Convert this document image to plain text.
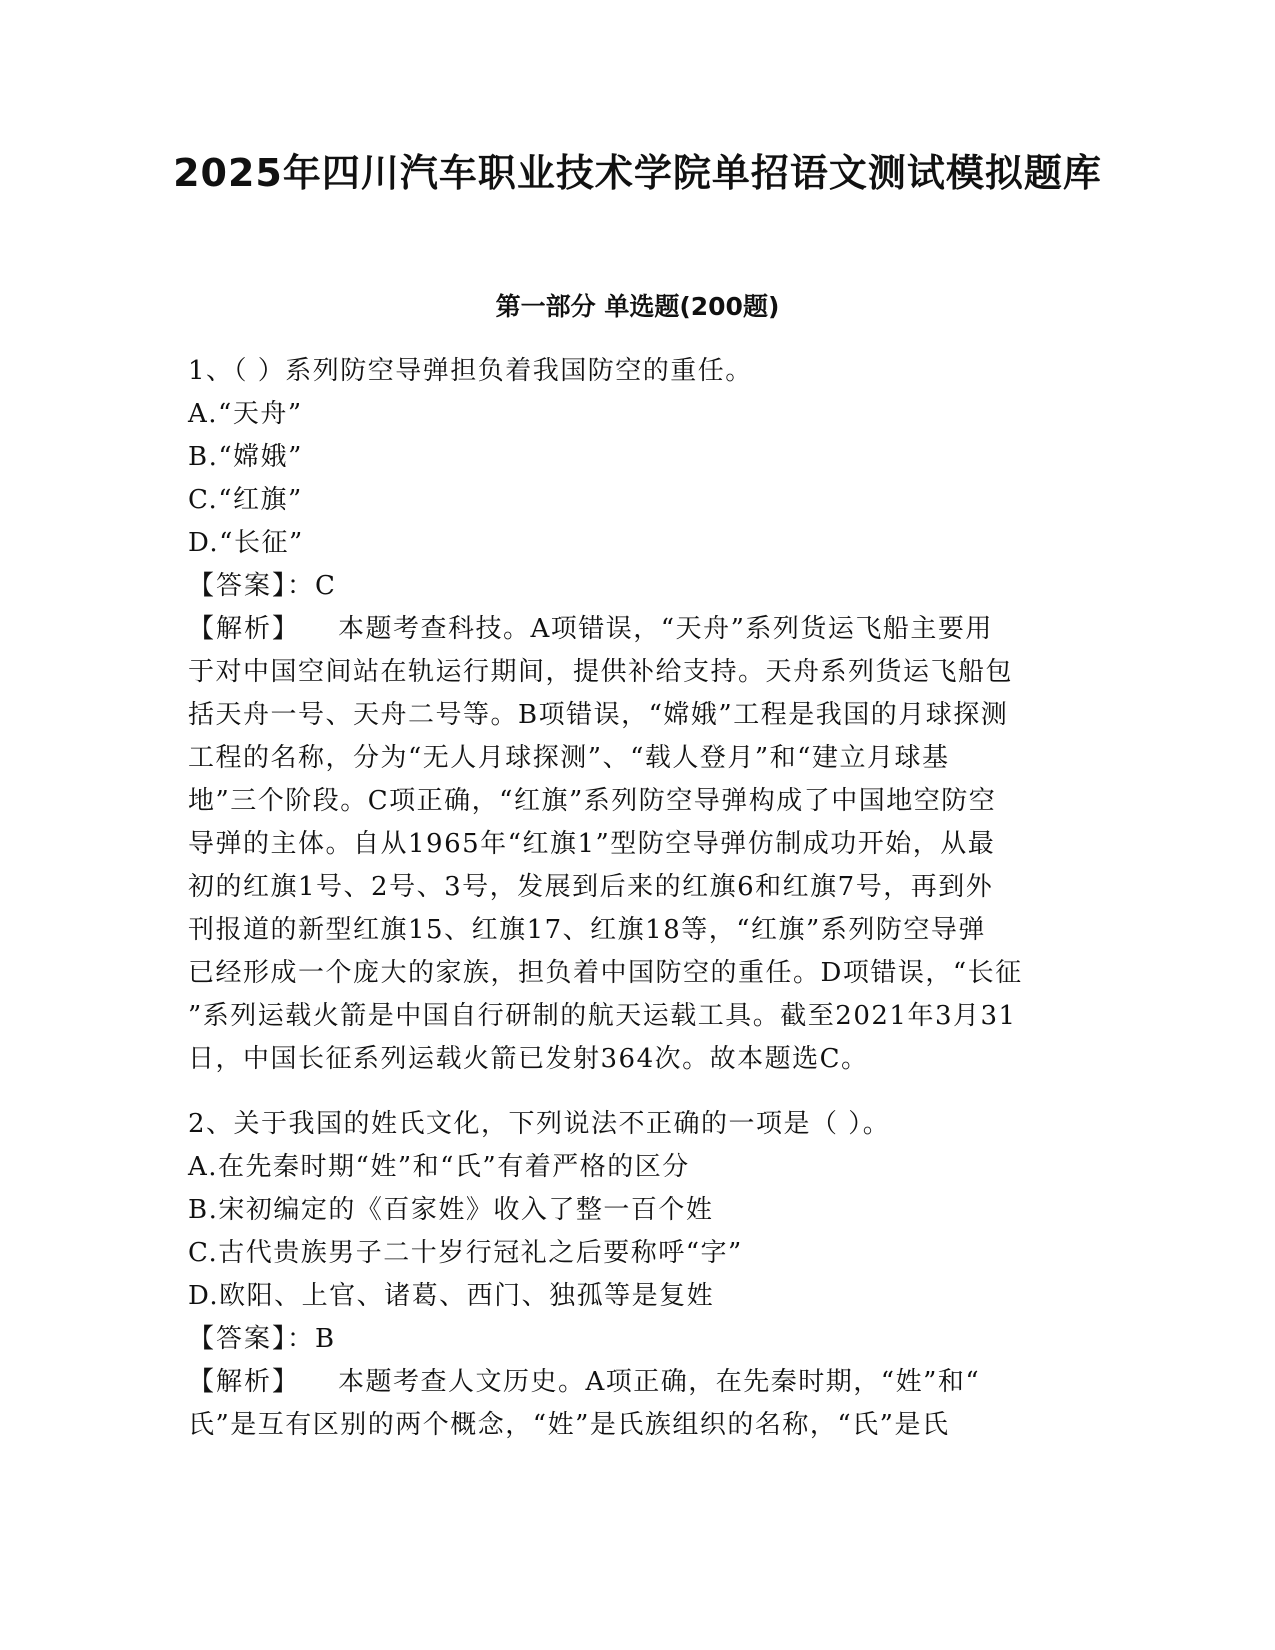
2025年四川汽车职业技术学院单招语文测试模拟题库
第一部分 单选题(200题)
1、（ ）系列防空导弹担负着我国防空的重任。
A.“天舟”
B.“嫦娥”
C.“红旗”
D.“长征”
【答案】：C
【解析】 本题考查科技。A项错误，“天舟”系列货运飞船主要用
于对中国空间站在轨运行期间，提供补给支持。天舟系列货运飞船包
括天舟一号、天舟二号等。B项错误，“嫦娥”工程是我国的月球探测
工程的名称，分为“无人月球探测”、“载人登月”和“建立月球基
地”三个阶段。C项正确，“红旗”系列防空导弹构成了中国地空防空
导弹的主体。自从1965年“红旗1”型防空导弹仿制成功开始，从最
初的红旗1号、2号、3号，发展到后来的红旗6和红旗7号，再到外
刊报道的新型红旗15、红旗17、红旗18等，“红旗”系列防空导弹
已经形成一个庞大的家族，担负着中国防空的重任。D项错误，“长征
”系列运载火箭是中国自行研制的航天运载工具。截至2021年3月31
日，中国长征系列运载火箭已发射364次。故本题选C。
2、关于我国的姓氏文化，下列说法不正确的一项是（ ）。
A.在先秦时期“姓”和“氏”有着严格的区分
B.宋初编定的《百家姓》收入了整一百个姓
C.古代贵族男子二十岁行冠礼之后要称呼“字”
D.欧阳、上官、诸葛、西门、独孤等是复姓
【答案】：B
【解析】 本题考查人文历史。A项正确，在先秦时期，“姓”和“
氏”是互有区别的两个概念，“姓”是氏族组织的名称，“氏”是氏
